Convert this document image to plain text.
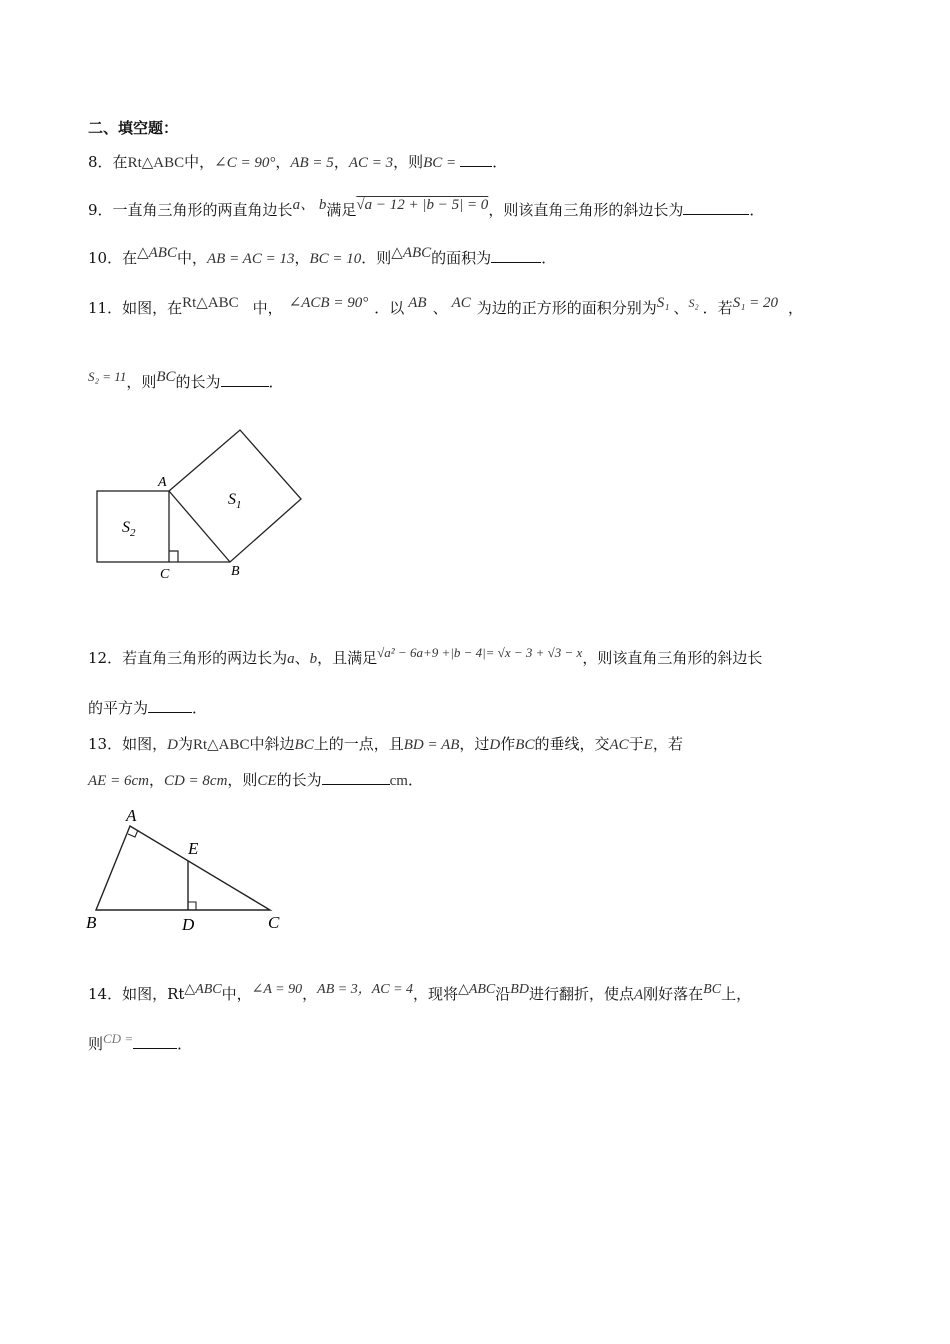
二、填空题：
8．在Rt△ABC中，∠C = 90°，AB = 5，AC = 3，则BC = ．
9．一直角三角形的两直角边长a、 b满足√a − 12 + |b − 5| = 0，则该直角三角形的斜边长为	．
10．在△ABC中，AB = AC = 13，BC = 10．则△ABC的面积为	．
11．如图，在Rt△ABC 中， ∠ACB = 90° ．以 AB 、 AC 为边的正方形的面积分别为S₁ 、$^{S_2}$ ．若S₁ = 20 ，
S₂ = 11，则BC的长为	．
A
B
C
$S_1$
$S_2$
12．若直角三角形的两边长为a、b，且满足√a² − 6a+9 +|b − 4|= √x − 3 + √3 − x，则该直角三角形的斜边长
的平方为	．
13．如图，D为Rt△ABC中斜边BC上的一点，且BD = AB，过D作BC的垂线，交AC于E，若
AE = 6cm，CD = 8cm，则CE的长为	cm．
A
B	C
D
E
14．如图，Rt△ABC中，∠A = 90，AB = 3，AC = 4，现将△ABC沿BD进行翻折，使点A刚好落在BC上，
则CD =	．
